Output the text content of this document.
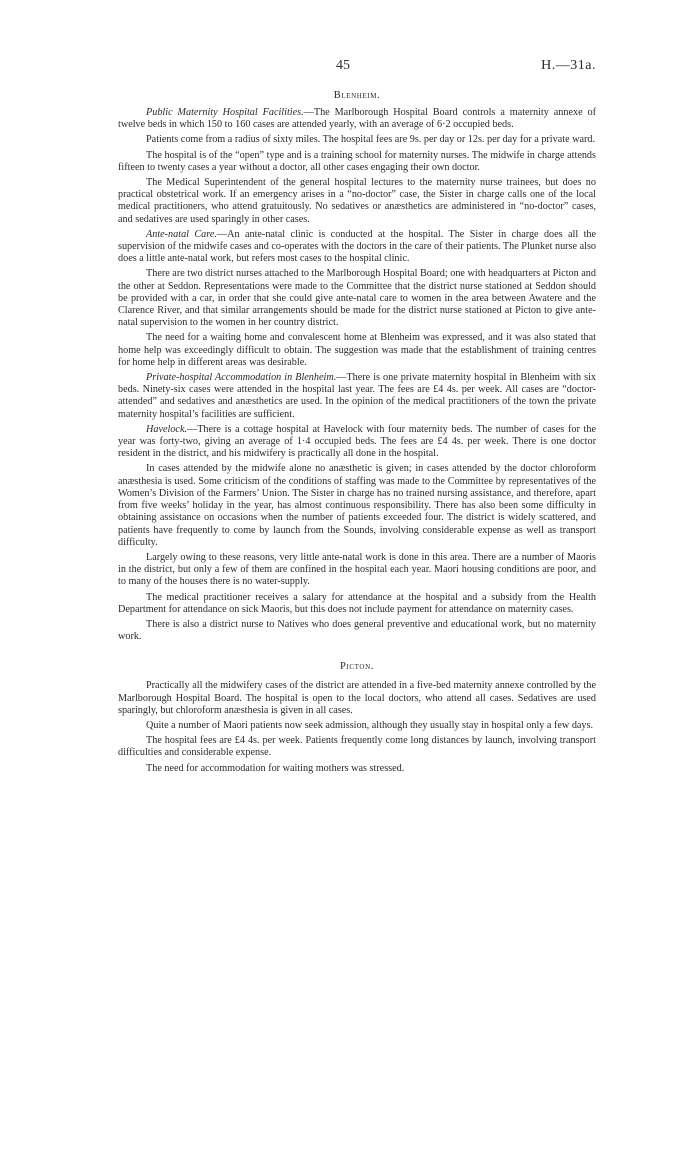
45	H.—31a.
Blenheim.

Public Maternity Hospital Facilities.—The Marlborough Hospital Board controls a maternity annexe of twelve beds in which 150 to 160 cases are attended yearly, with an average of 6·2 occupied beds.

Patients come from a radius of sixty miles. The hospital fees are 9s. per day or 12s. per day for a private ward.

The hospital is of the “open” type and is a training school for maternity nurses. The midwife in charge attends fifteen to twenty cases a year without a doctor, all other cases engaging their own doctor.

The Medical Superintendent of the general hospital lectures to the maternity nurse trainees, but does no practical obstetrical work. If an emergency arises in a “no-doctor” case, the Sister in charge calls one of the local medical practitioners, who attend gratuitously. No sedatives or anæsthetics are administered in “no-doctor” cases, and sedatives are used sparingly in other cases.

Ante-natal Care.—An ante-natal clinic is conducted at the hospital. The Sister in charge does all the supervision of the midwife cases and co-operates with the doctors in the care of their patients. The Plunket nurse also does a little ante-natal work, but refers most cases to the hospital clinic.

There are two district nurses attached to the Marlborough Hospital Board; one with headquarters at Picton and the other at Seddon. Representations were made to the Committee that the district nurse stationed at Seddon should be provided with a car, in order that she could give ante-natal care to women in the area between Awatere and the Clarence River, and that similar arrangements should be made for the district nurse stationed at Picton to give ante-natal supervision to the women in her country district.

The need for a waiting home and convalescent home at Blenheim was expressed, and it was also stated that home help was exceedingly difficult to obtain. The suggestion was made that the establishment of training centres for home help in different areas was desirable.

Private-hospital Accommodation in Blenheim.—There is one private maternity hospital in Blenheim with six beds. Ninety-six cases were attended in the hospital last year. The fees are £4 4s. per week. All cases are “doctor-attended” and sedatives and anæsthetics are used. In the opinion of the medical practitioners of the town the private maternity hospital’s facilities are sufficient.

Havelock.—There is a cottage hospital at Havelock with four maternity beds. The number of cases for the year was forty-two, giving an average of 1·4 occupied beds. The fees are £4 4s. per week. There is one doctor resident in the district, and his midwifery is practically all done in the hospital.

In cases attended by the midwife alone no anæsthetic is given; in cases attended by the doctor chloroform anæsthesia is used. Some criticism of the conditions of staffing was made to the Committee by representatives of the Women’s Division of the Farmers’ Union. The Sister in charge has no trained nursing assistance, and therefore, apart from five weeks’ holiday in the year, has almost continuous responsibility. There has also been some difficulty in obtaining assistance on occasions when the number of patients exceeded four. The district is widely scattered, and patients have frequently to come by launch from the Sounds, involving considerable expense as well as transport difficulty.

Largely owing to these reasons, very little ante-natal work is done in this area. There are a number of Maoris in the district, but only a few of them are confined in the hospital each year. Maori housing conditions are poor, and to many of the houses there is no water-supply.

The medical practitioner receives a salary for attendance at the hospital and a subsidy from the Health Department for attendance on sick Maoris, but this does not include payment for attendance on maternity cases.

There is also a district nurse to Natives who does general preventive and educational work, but no maternity work.

Picton.

Practically all the midwifery cases of the district are attended in a five-bed maternity annexe controlled by the Marlborough Hospital Board. The hospital is open to the local doctors, who attend all cases. Sedatives are used sparingly, but chloroform anæsthesia is given in all cases.

Quite a number of Maori patients now seek admission, although they usually stay in hospital only a few days.

The hospital fees are £4 4s. per week. Patients frequently come long distances by launch, involving transport difficulties and considerable expense.

The need for accommodation for waiting mothers was stressed.
